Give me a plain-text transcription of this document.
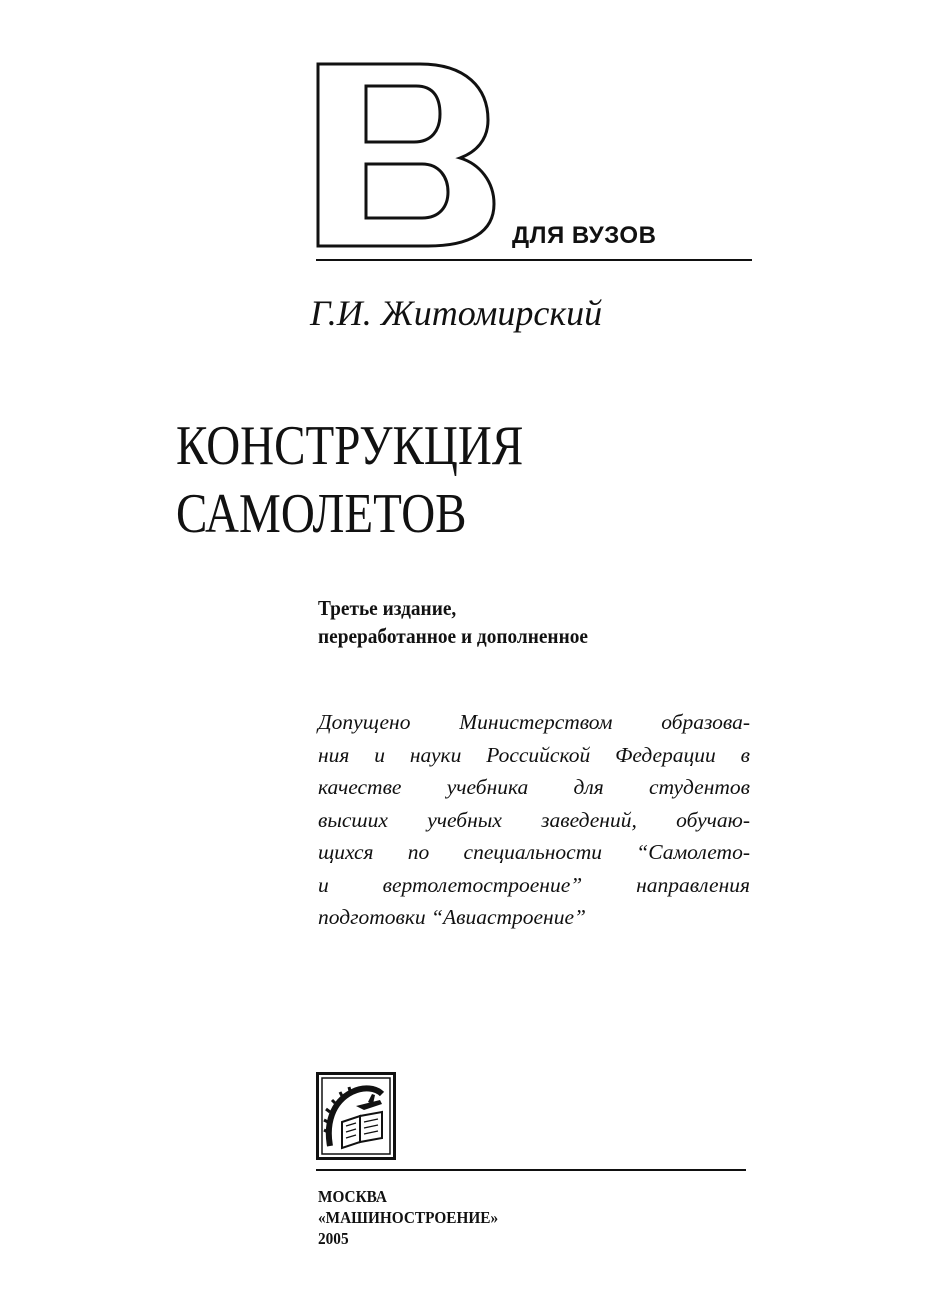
ДЛЯ ВУЗОВ
Г.И. Житомирский
КОНСТРУКЦИЯ
САМОЛЕТОВ
Третье издание,
переработанное и дополненное
Допущено Министерством образова-
ния и науки Российской Федерации в
качестве учебника для студентов
высших учебных заведений, обучаю-
щихся по специальности “Самолето-
и вертолетостроение” направления
подготовки “Авиастроение”
МОСКВА
«МАШИНОСТРОЕНИЕ»
2005
